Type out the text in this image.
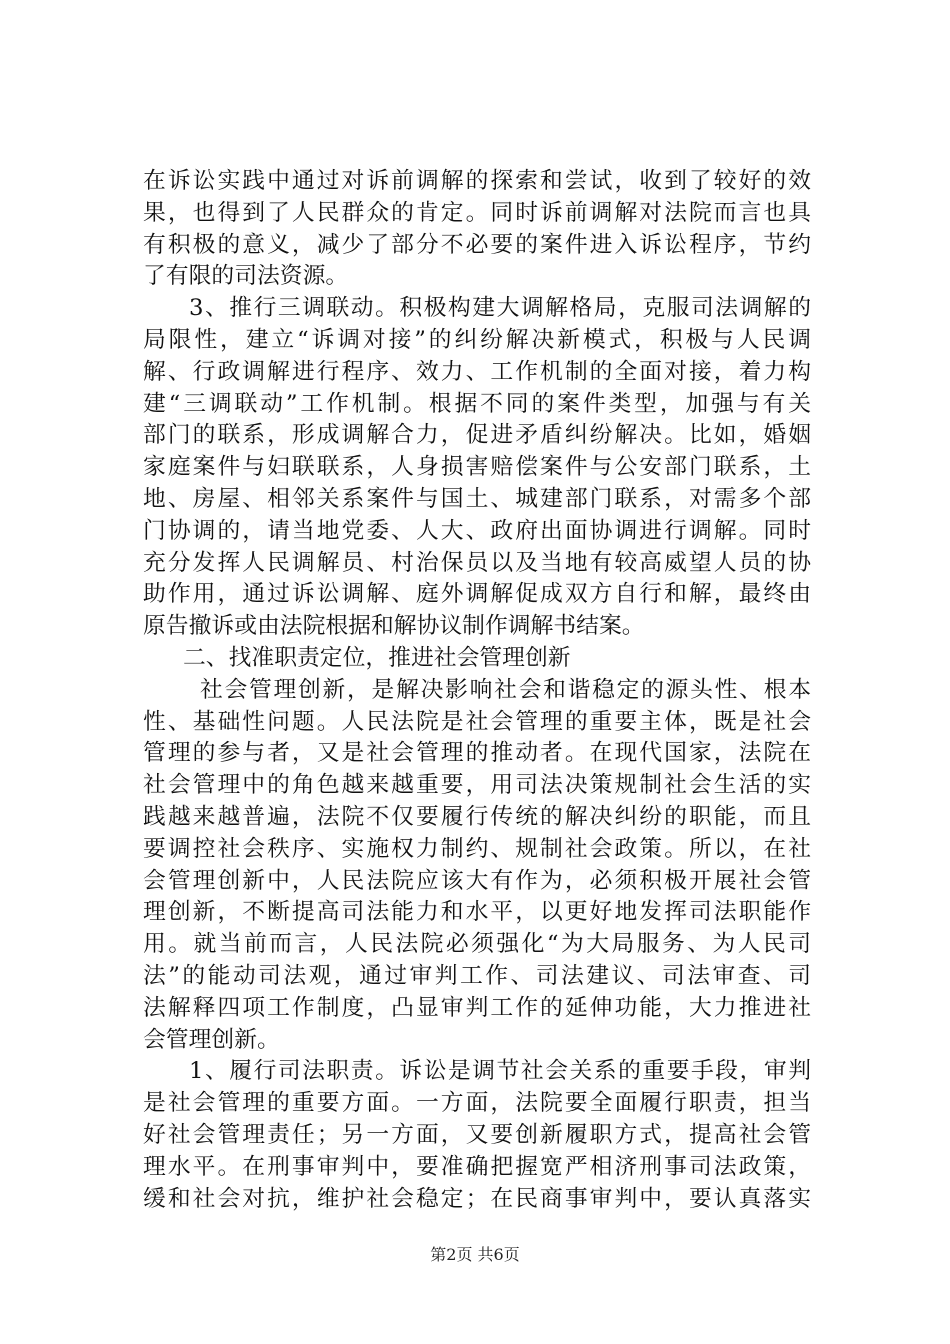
在诉讼实践中通过对诉前调解的探索和尝试，收到了较好的效
果，也得到了人民群众的肯定。同时诉前调解对法院而言也具
有积极的意义，减少了部分不必要的案件进入诉讼程序，节约
了有限的司法资源。
3、推行三调联动。积极构建大调解格局，克服司法调解的
局限性，建立“诉调对接”的纠纷解决新模式，积极与人民调
解、行政调解进行程序、效力、工作机制的全面对接，着力构
建“三调联动”工作机制。根据不同的案件类型，加强与有关
部门的联系，形成调解合力，促进矛盾纠纷解决。比如，婚姻
家庭案件与妇联联系，人身损害赔偿案件与公安部门联系，土
地、房屋、相邻关系案件与国土、城建部门联系，对需多个部
门协调的，请当地党委、人大、政府出面协调进行调解。同时
充分发挥人民调解员、村治保员以及当地有较高威望人员的协
助作用，通过诉讼调解、庭外调解促成双方自行和解，最终由
原告撤诉或由法院根据和解协议制作调解书结案。
二、找准职责定位，推进社会管理创新
社会管理创新，是解决影响社会和谐稳定的源头性、根本
性、基础性问题。人民法院是社会管理的重要主体，既是社会
管理的参与者，又是社会管理的推动者。在现代国家，法院在
社会管理中的角色越来越重要，用司法决策规制社会生活的实
践越来越普遍，法院不仅要履行传统的解决纠纷的职能，而且
要调控社会秩序、实施权力制约、规制社会政策。所以，在社
会管理创新中，人民法院应该大有作为，必须积极开展社会管
理创新，不断提高司法能力和水平，以更好地发挥司法职能作
用。就当前而言，人民法院必须强化“为大局服务、为人民司
法”的能动司法观，通过审判工作、司法建议、司法审查、司
法解释四项工作制度，凸显审判工作的延伸功能，大力推进社
会管理创新。
1、履行司法职责。诉讼是调节社会关系的重要手段，审判
是社会管理的重要方面。一方面，法院要全面履行职责，担当
好社会管理责任；另一方面，又要创新履职方式，提高社会管
理水平。在刑事审判中，要准确把握宽严相济刑事司法政策，
缓和社会对抗，维护社会稳定；在民商事审判中，要认真落实
第2页 共6页
